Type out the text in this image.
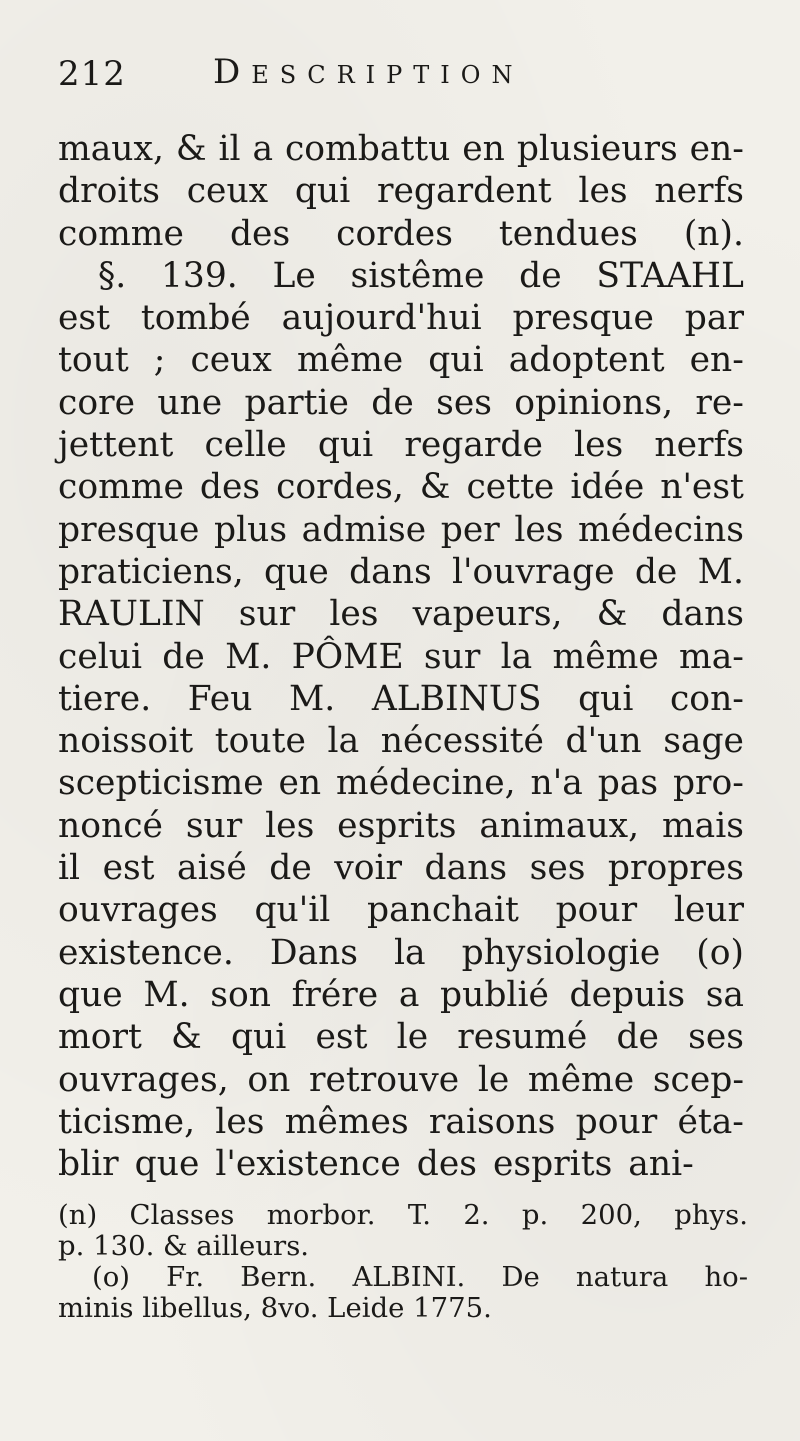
212	Description
maux, & il a combattu en plusieurs en-
droits ceux qui regardent les nerfs
comme des cordes tendues (n).
§. 139. Le sistême de STAAHL
est tombé aujourd'hui presque par
tout ; ceux même qui adoptent en-
core une partie de ses opinions, re-
jettent celle qui regarde les nerfs
comme des cordes, & cette idée n'est
presque plus admise per les médecins
praticiens, que dans l'ouvrage de M.
RAULIN sur les vapeurs, & dans
celui de M. PÔME sur la même ma-
tiere. Feu M. ALBINUS qui con-
noissoit toute la nécessité d'un sage
scepticisme en médecine, n'a pas pro-
noncé sur les esprits animaux, mais
il est aisé de voir dans ses propres
ouvrages qu'il panchait pour leur
existence. Dans la physiologie (o)
que M. son frére a publié depuis sa
mort & qui est le resumé de ses
ouvrages, on retrouve le même scep-
ticisme, les mêmes raisons pour éta-
blir que l'existence des esprits ani-
(n) Classes morbor. T. 2. p. 200, phys.
p. 130. & ailleurs.
(o) Fr. Bern. ALBINI. De natura ho-
minis libellus, 8vo. Leide 1775.
